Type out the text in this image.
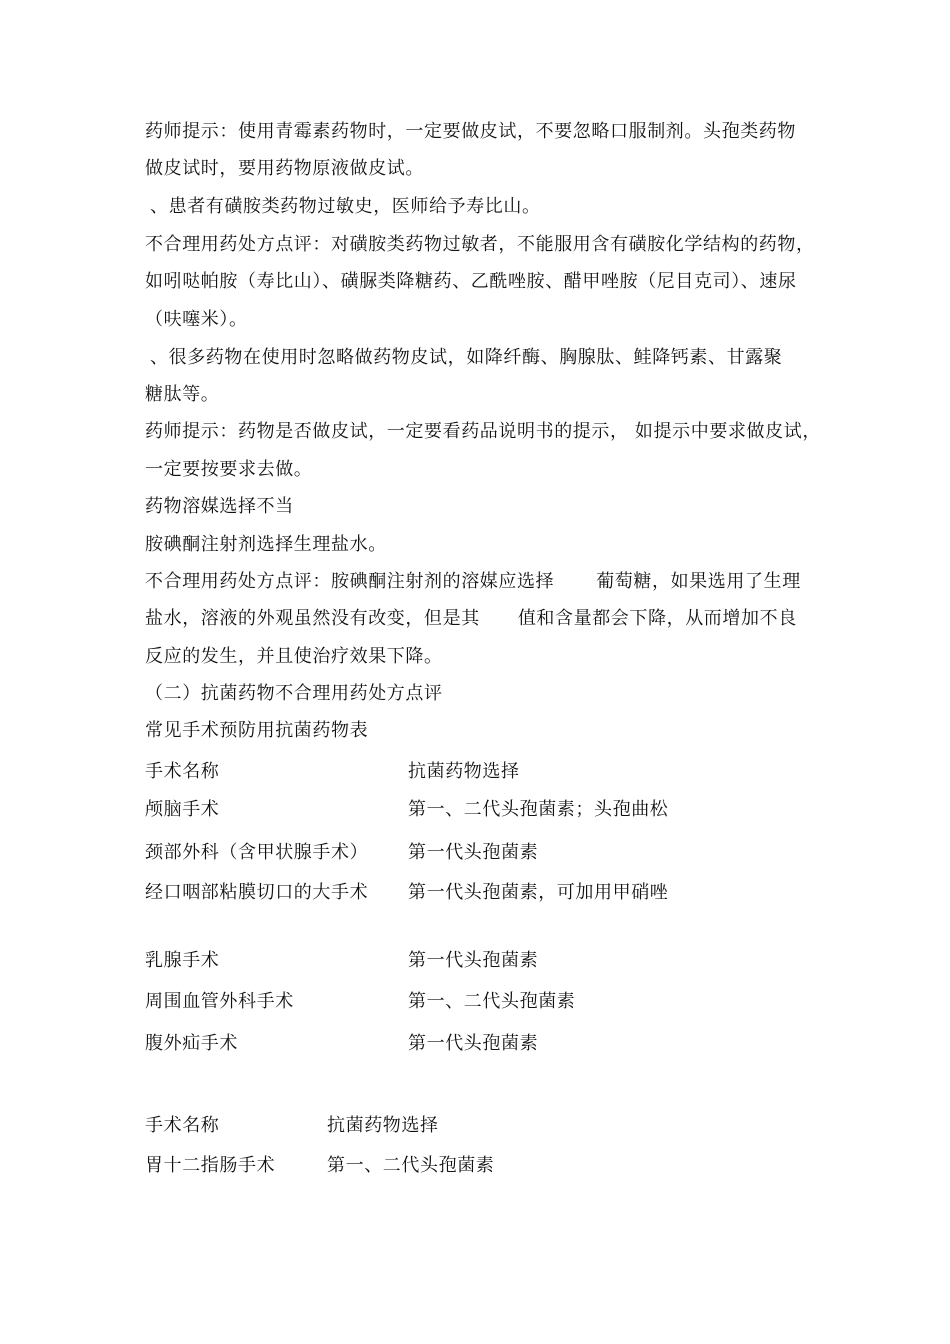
药师提示：使用青霉素药物时，一定要做皮试，不要忽略口服制剂。头孢类药物

做皮试时，要用药物原液做皮试。

、患者有磺胺类药物过敏史，医师给予寿比山。

不合理用药处方点评：对磺胺类药物过敏者，不能服用含有磺胺化学结构的药物，

如吲哒帕胺（寿比山）、磺脲类降糖药、乙酰唑胺、醋甲唑胺（尼目克司）、速尿

（呋噻米）。

、很多药物在使用时忽略做药物皮试，如降纤酶、胸腺肽、鲑降钙素、甘露聚

糖肽等。

药师提示：药物是否做皮试，一定要看药品说明书的提示， 如提示中要求做皮试，

一定要按要求去做。

药物溶媒选择不当

胺碘酮注射剂选择生理盐水。

不合理用药处方点评：胺碘酮注射剂的溶媒应选择 葡萄糖，如果选用了生理

盐水，溶液的外观虽然没有改变，但是其 值和含量都会下降，从而增加不良

反应的发生，并且使治疗效果下降。

（二）抗菌药物不合理用药处方点评

常见手术预防用抗菌药物表

手术名称	抗菌药物选择
颅脑手术	第一、二代头孢菌素；头孢曲松
颈部外科（含甲状腺手术） 第一代头孢菌素
经口咽部粘膜切口的大手术 第一代头孢菌素，可加用甲硝唑
乳腺手术	第一代头孢菌素
周围血管外科手术	第一、二代头孢菌素
腹外疝手术	第一代头孢菌素
手术名称	抗菌药物选择
胃十二指肠手术	第一、二代头孢菌素
